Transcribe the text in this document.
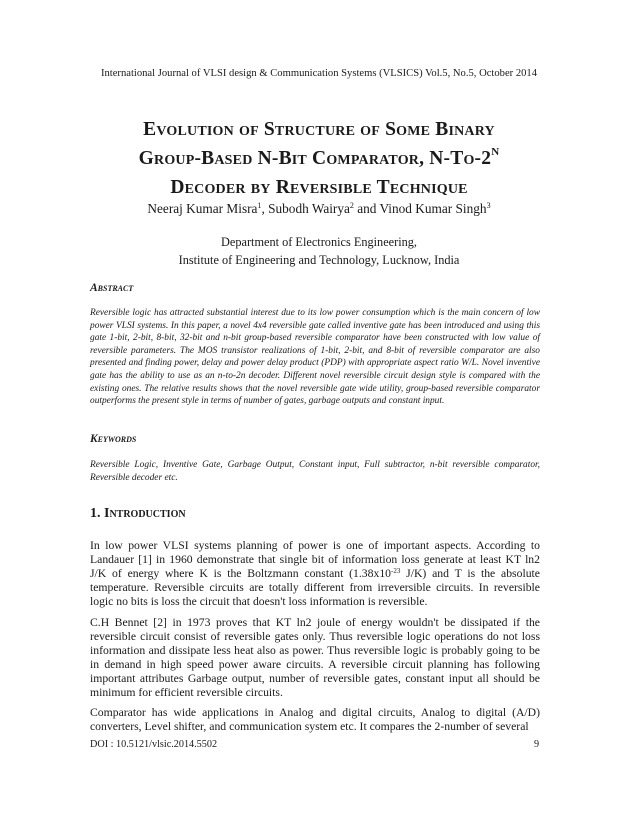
International Journal of VLSI design & Communication Systems (VLSICS) Vol.5, No.5, October 2014
Evolution of Structure of Some Binary
Group-Based N-Bit Comparator, $N-To-2^N$
Decoder by Reversible Technique
Neeraj Kumar Misra$^1$, Subodh Wairya$^2$ and Vinod Kumar Singh$^3$
Department of Electronics Engineering,
Institute of Engineering and Technology, Lucknow, India
Abstract
Reversible logic has attracted substantial interest due to its low power consumption which is the main concern of low power VLSI systems. In this paper, a novel 4x4 reversible gate called inventive gate has been introduced and using this gate 1-bit, 2-bit, 8-bit, 32-bit and n-bit group-based reversible comparator have been constructed with low value of reversible parameters. The MOS transistor realizations of 1-bit, 2-bit, and 8-bit of reversible comparator are also presented and finding power, delay and power delay product (PDP) with appropriate aspect ratio W/L. Novel inventive gate has the ability to use as an n-to-2n decoder. Different novel reversible circuit design style is compared with the existing ones. The relative results shows that the novel reversible gate wide utility, group-based reversible comparator outperforms the present style in terms of number of gates, garbage outputs and constant input.
Keywords
Reversible Logic, Inventive Gate, Garbage Output, Constant input, Full subtractor, n-bit reversible comparator, Reversible decoder etc.
1. Introduction
In low power VLSI systems planning of power is one of important aspects. According to Landauer [1] in 1960 demonstrate that single bit of information loss generate at least KT ln2 J/K of energy where K is the Boltzmann constant ($1.38x10^{-23}$ J/K) and T is the absolute temperature. Reversible circuits are totally different from irreversible circuits. In reversible logic no bits is loss the circuit that doesn't loss information is reversible.
C.H Bennet [2] in 1973 proves that KT ln2 joule of energy wouldn't be dissipated if the reversible circuit consist of reversible gates only. Thus reversible logic operations do not loss information and dissipate less heat also as power. Thus reversible logic is probably going to be in demand in high speed power aware circuits. A reversible circuit planning has following important attributes Garbage output, number of reversible gates, constant input all should be minimum for efficient reversible circuits.
Comparator has wide applications in Analog and digital circuits, Analog to digital (A/D) converters, Level shifter, and communication system etc. It compares the 2-number of several
DOI : 10.5121/vlsic.2014.5502	9
